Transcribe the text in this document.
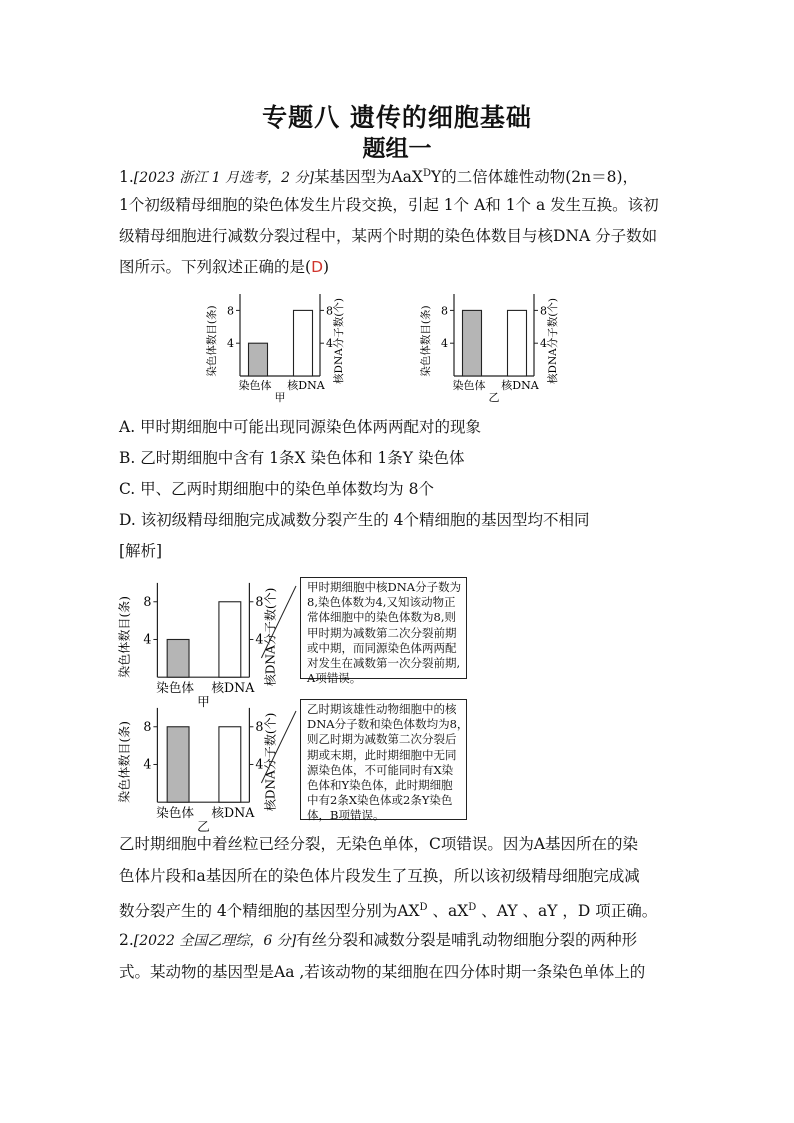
专题八 遗传的细胞基础
题组一
1.[2023 浙江 1 月选考，2 分]某基因型为AaX$^D$Y的二倍体雄性动物(2n＝8)，
1个初级精母细胞的染色体发生片段交换，引起 1个 A和 1个 a 发生互换。该初
级精母细胞进行减数分裂过程中，某两个时期的染色体数目与核DNA 分子数如
图所示。下列叙述正确的是(D)
4	4
8	8
染色体 核DNA
甲
染色体数目(条)	核DNA分子数(个)	4	4
8	8
染色体 核DNA
乙
染色体数目(条)	核DNA分子数(个)
A. 甲时期细胞中可能出现同源染色体两两配对的现象
B. 乙时期细胞中含有 1条X 染色体和 1条Y 染色体
C. 甲、乙两时期细胞中的染色单体数均为 8个
D. 该初级精母细胞完成减数分裂产生的 4个精细胞的基因型均不相同
[解析]
4	4
8	8
染色体 核DNA
甲
染色体数目(条)	核DNA分子数(个)
4	4
8	8
染色体 核DNA
乙
染色体数目(条)	核DNA分子数(个)
甲时期细胞中核DNA分子数为
8,染色体数为4,又知该动物正
常体细胞中的染色体数为8,则
甲时期为减数第二次分裂前期
或中期，而同源染色体两两配
对发生在减数第一次分裂前期,
A项错误。
乙时期该雄性动物细胞中的核
DNA分子数和染色体数均为8，
则乙时期为减数第二次分裂后
期或末期，此时期细胞中无同
源染色体，不可能同时有X染
色体和Y染色体，此时期细胞
中有2条X染色体或2条Y染色
体，B项错误。
乙时期细胞中着丝粒已经分裂，无染色单体，C项错误。因为A基因所在的染
色体片段和a基因所在的染色体片段发生了互换，所以该初级精母细胞完成减
数分裂产生的 4个精细胞的基因型分别为$AX^D$ 、$aX^D$ 、AY 、aY ，D 项正确。
2.[2022 全国乙理综，6 分]有丝分裂和减数分裂是哺乳动物细胞分裂的两种形
式。某动物的基因型是Aa ,若该动物的某细胞在四分体时期一条染色单体上的
